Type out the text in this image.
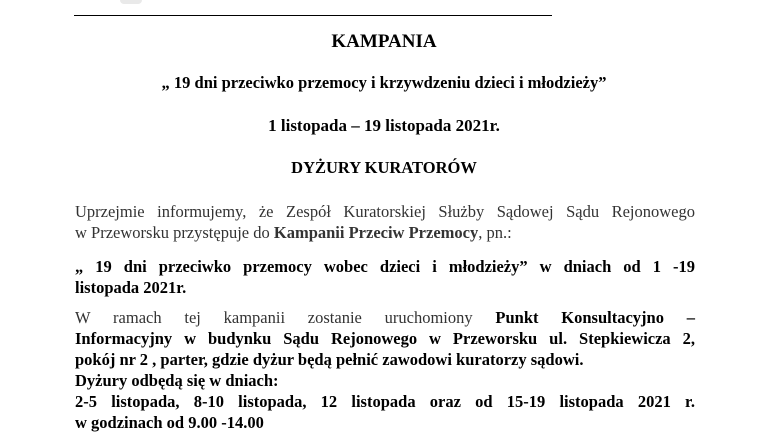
KAMPANIA
„ 19 dni przeciwko przemocy i krzywdzeniu dzieci i młodzieży”
1 listopada – 19 listopada 2021r.
DYŻURY KURATORÓW
Uprzejmie informujemy, że Zespół Kuratorskiej Służby Sądowej Sądu Rejonowego
w Przeworsku przystępuje do Kampanii Przeciw Przemocy, pn.:
„ 19 dni przeciwko przemocy wobec dzieci i młodzieży” w dniach od 1 -19
listopada 2021r.
W ramach tej kampanii zostanie uruchomiony Punkt Konsultacyjno –
Informacyjny w budynku Sądu Rejonowego w Przeworsku ul. Stepkiewicza 2,
pokój nr 2 , parter, gdzie dyżur będą pełnić zawodowi kuratorzy sądowi.
Dyżury odbędą się w dniach:
2-5 listopada, 8-10 listopada, 12 listopada oraz od 15-19 listopada 2021 r.
w godzinach od 9.00 -14.00
